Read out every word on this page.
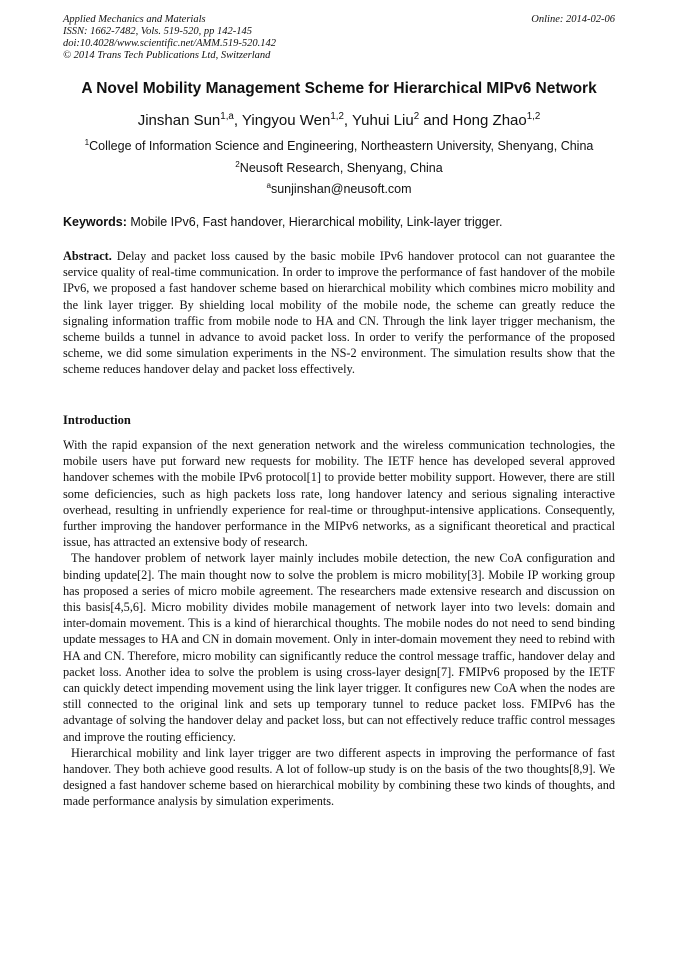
Applied Mechanics and Materials
ISSN: 1662-7482, Vols. 519-520, pp 142-145
doi:10.4028/www.scientific.net/AMM.519-520.142
© 2014 Trans Tech Publications Ltd, Switzerland
Online: 2014-02-06
A Novel Mobility Management Scheme for Hierarchical MIPv6 Network
Jinshan Sun$^{1,a}$, Yingyou Wen$^{1,2}$, Yuhui Liu$^2$ and Hong Zhao$^{1,2}$
$^1$College of Information Science and Engineering, Northeastern University, Shenyang, China
$^2$Neusoft Research, Shenyang, China
$^a$sunjinshan@neusoft.com
Keywords: Mobile IPv6, Fast handover, Hierarchical mobility, Link-layer trigger.

Abstract. Delay and packet loss caused by the basic mobile IPv6 handover protocol can not guarantee the service quality of real-time communication. In order to improve the performance of fast handover of the mobile IPv6, we proposed a fast handover scheme based on hierarchical mobility which combines micro mobility and the link layer trigger. By shielding local mobility of the mobile node, the scheme can greatly reduce the signaling information traffic from mobile node to HA and CN. Through the link layer trigger mechanism, the scheme builds a tunnel in advance to avoid packet loss. In order to verify the performance of the proposed scheme, we did some simulation experiments in the NS-2 environment. The simulation results show that the scheme reduces handover delay and packet loss effectively.

Introduction

With the rapid expansion of the next generation network and the wireless communication technologies, the mobile users have put forward new requests for mobility. The IETF hence has developed several approved handover schemes with the mobile IPv6 protocol[1] to provide better mobility support. However, there are still some deficiencies, such as high packets loss rate, long handover latency and serious signaling interactive overhead, resulting in unfriendly experience for real-time or throughput-intensive applications. Consequently, further improving the handover performance in the MIPv6 networks, as a significant theoretical and practical issue, has attracted an extensive body of research.

The handover problem of network layer mainly includes mobile detection, the new CoA configuration and binding update[2]. The main thought now to solve the problem is micro mobility[3]. Mobile IP working group has proposed a series of micro mobile agreement. The researchers made extensive research and discussion on this basis[4,5,6]. Micro mobility divides mobile management of network layer into two levels: domain and inter-domain movement. This is a kind of hierarchical thoughts. The mobile nodes do not need to send binding update messages to HA and CN in domain movement. Only in inter-domain movement they need to rebind with HA and CN. Therefore, micro mobility can significantly reduce the control message traffic, handover delay and packet loss. Another idea to solve the problem is using cross-layer design[7]. FMIPv6 proposed by the IETF can quickly detect impending movement using the link layer trigger. It configures new CoA when the nodes are still connected to the original link and sets up temporary tunnel to reduce packet loss. FMIPv6 has the advantage of solving the handover delay and packet loss, but can not effectively reduce traffic control messages and improve the routing efficiency.

Hierarchical mobility and link layer trigger are two different aspects in improving the performance of fast handover. They both achieve good results. A lot of follow-up study is on the basis of the two thoughts[8,9]. We designed a fast handover scheme based on hierarchical mobility by combining these two kinds of thoughts, and made performance analysis by simulation experiments.
